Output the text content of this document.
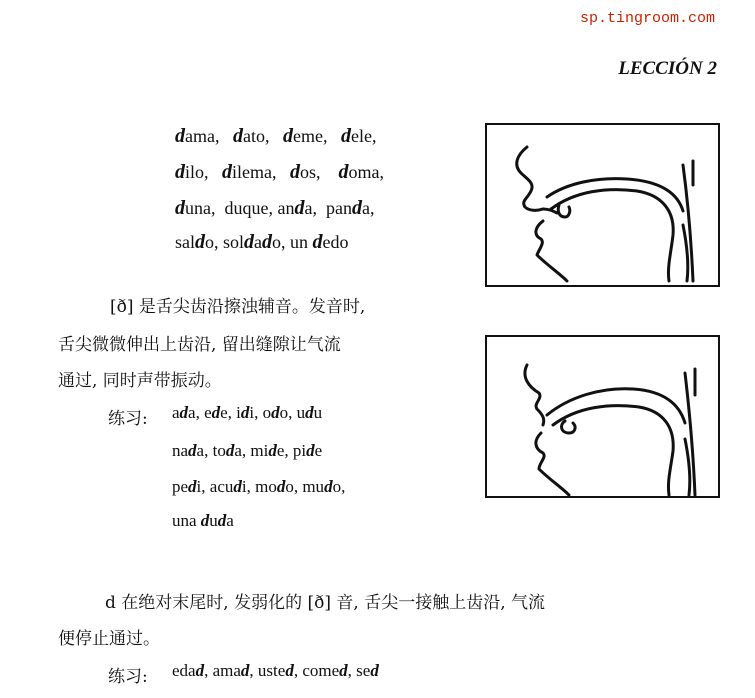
sp.tingroom.com
LECCIÓN 2
dama,   dato,   deme,   dele,
dilo,   dilema,   dos,    doma,
duna,  duque, anda,  panda,
saldo, soldado, un dedo
[ð] 是舌尖齿沿擦浊辅音。发音时,
舌尖微微伸出上齿沿, 留出缝隙让气流
通过, 同时声带振动。
练习: ada, ede, idi, odo, udu
nada, toda, mide, pide
pedi, acudi, modo, mudo,
una duda
d 在绝对末尾时, 发弱化的 [ð] 音, 舌尖一接触上齿沿, 气流
便停止通过。
练习: edad, amad, usted, comed, sed
